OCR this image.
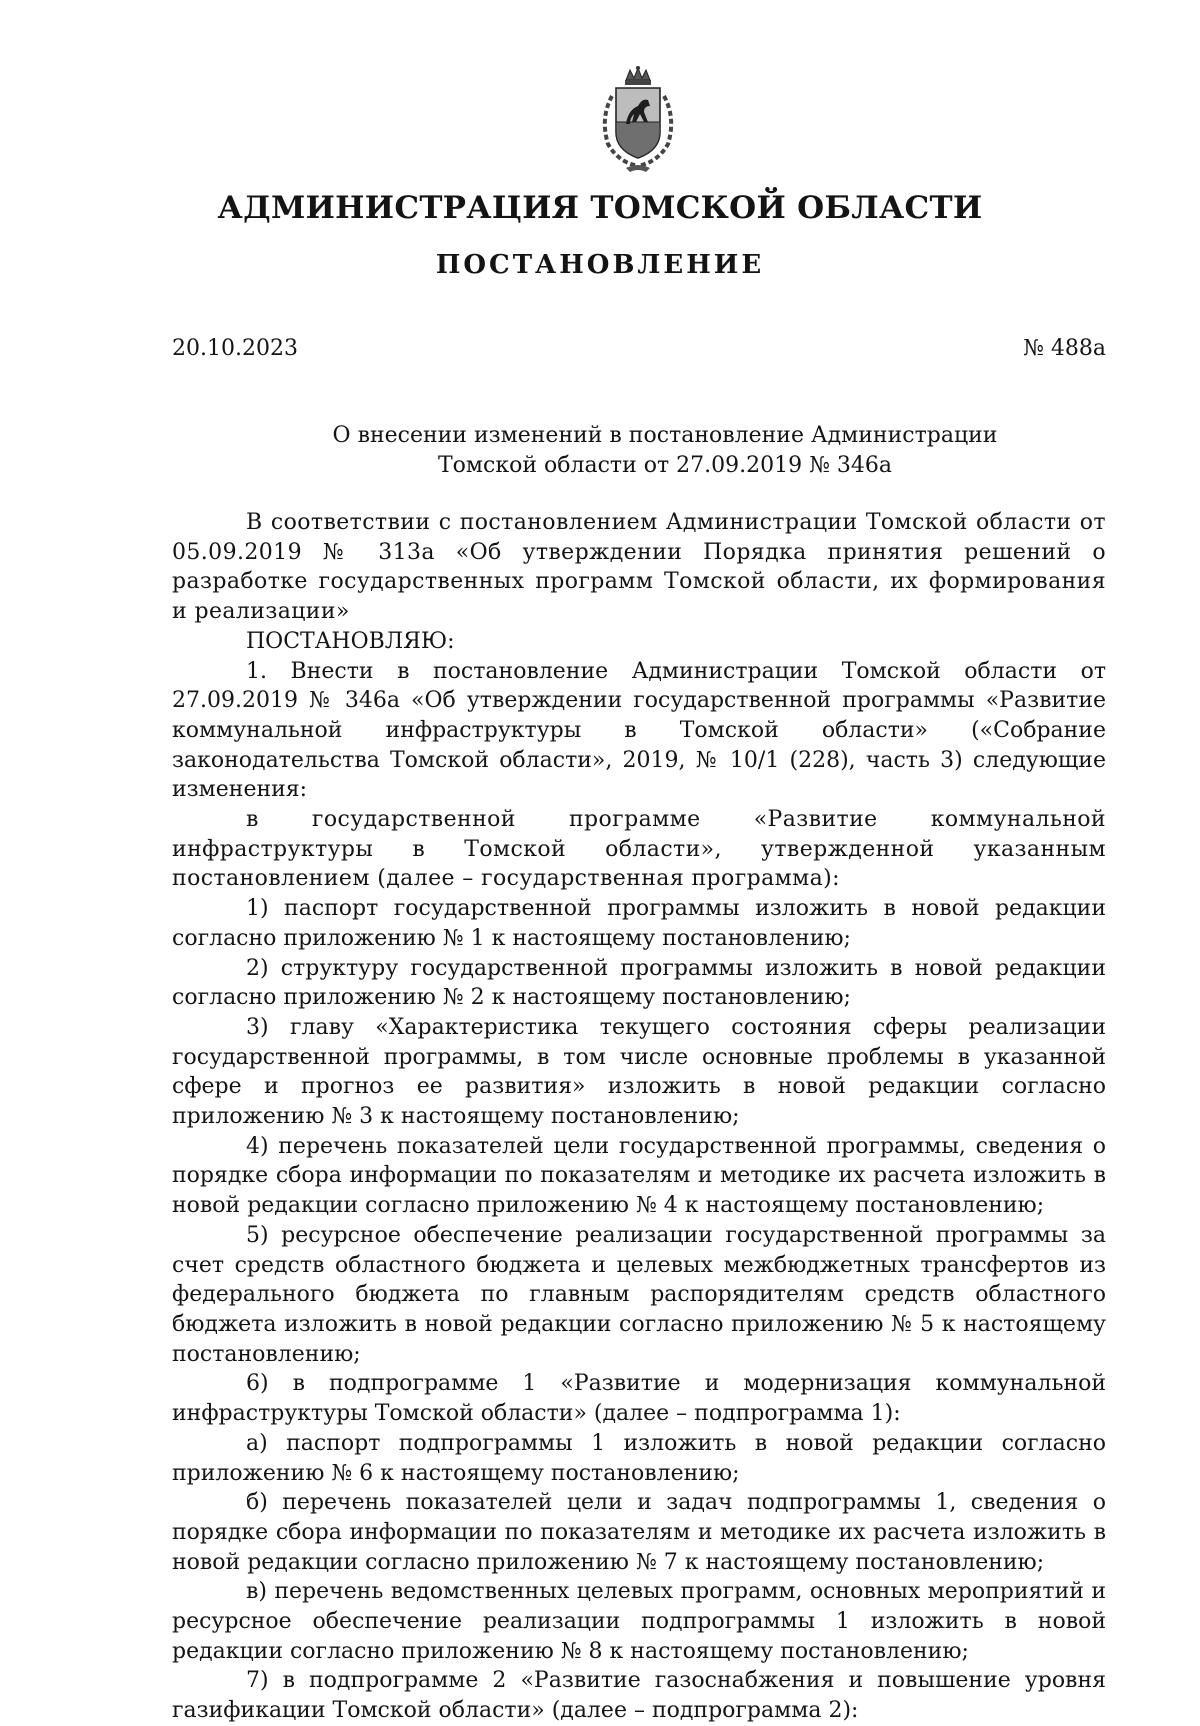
АДМИНИСТРАЦИЯ ТОМСКОЙ ОБЛАСТИ
ПОСТАНОВЛЕНИЕ
20.10.2023	№ 488а
О внесении изменений в постановление Администрации
Томской области от 27.09.2019 № 346а

В соответствии с постановлением Администрации Томской области от 05.09.2019 № 313а «Об утверждении Порядка принятия решений о разработке государственных программ Томской области, их формирования и реализации»

ПОСТАНОВЛЯЮ:

1. Внести в постановление Администрации Томской области от 27.09.2019 № 346а «Об утверждении государственной программы «Развитие коммунальной инфраструктуры в Томской области» («Собрание законодательства Томской области», 2019, № 10/1 (228), часть 3) следующие изменения:

в государственной программе «Развитие коммунальной инфраструктуры в Томской области», утвержденной указанным постановлением (далее – государственная программа):

1) паспорт государственной программы изложить в новой редакции согласно приложению № 1 к настоящему постановлению;

2) структуру государственной программы изложить в новой редакции согласно приложению № 2 к настоящему постановлению;

3) главу «Характеристика текущего состояния сферы реализации государственной программы, в том числе основные проблемы в указанной сфере и прогноз ее развития» изложить в новой редакции согласно приложению № 3 к настоящему постановлению;

4) перечень показателей цели государственной программы, сведения о порядке сбора информации по показателям и методике их расчета изложить в новой редакции согласно приложению № 4 к настоящему постановлению;

5) ресурсное обеспечение реализации государственной программы за счет средств областного бюджета и целевых межбюджетных трансфертов из федерального бюджета по главным распорядителям средств областного бюджета изложить в новой редакции согласно приложению № 5 к настоящему постановлению;

6) в подпрограмме 1 «Развитие и модернизация коммунальной инфраструктуры Томской области» (далее – подпрограмма 1):

а) паспорт подпрограммы 1 изложить в новой редакции согласно приложению № 6 к настоящему постановлению;

б) перечень показателей цели и задач подпрограммы 1, сведения о порядке сбора информации по показателям и методике их расчета изложить в новой редакции согласно приложению № 7 к настоящему постановлению;

в) перечень ведомственных целевых программ, основных мероприятий и ресурсное обеспечение реализации подпрограммы 1 изложить в новой редакции согласно приложению № 8 к настоящему постановлению;

7) в подпрограмме 2 «Развитие газоснабжения и повышение уровня газификации Томской области» (далее – подпрограмма 2):
